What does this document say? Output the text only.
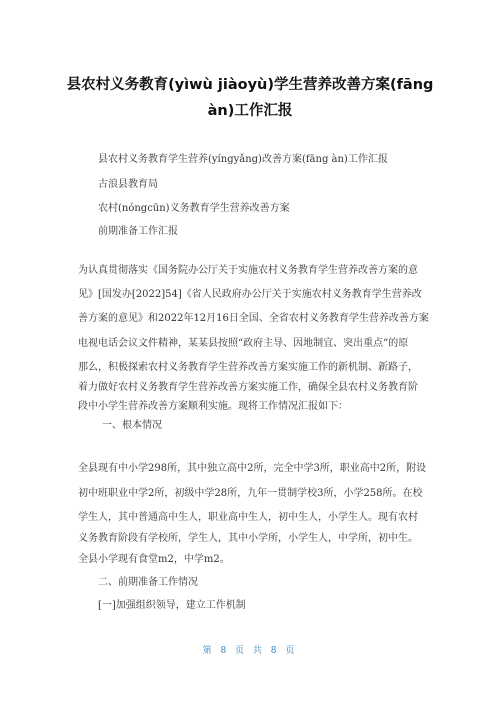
县农村义务教育(yìwù jiàoyù)学生营养改善方案(fāng àn)工作汇报
县农村义务教育学生营养(yíngyǎng)改善方案(fāng àn)工作汇报
古浪县教育局
农村(nóngcūn)义务教育学生营养改善方案
前期准备工作汇报
为认真贯彻落实《国务院办公厅关于实施农村义务教育学生营养改善方案的意
见》[国发办[2022]54]《省人民政府办公厅关于实施农村义务教育学生营养改
善方案的意见》和2022年12月16日全国、全省农村义务教育学生营养改善方案
电视电话会议文件精神，某某县按照“政府主导、因地制宜、突出重点”的原
那么，积极探索农村义务教育学生营养改善方案实施工作的新机制、新路子，
着力做好农村义务教育学生营养改善方案实施工作，确保全县农村义务教育阶
段中小学生营养改善方案顺利实施。现将工作情况汇报如下：
一、根本情况
全县现有中小学298所，其中独立高中2所，完全中学3所，职业高中2所，附设
初中班职业中学2所，初级中学28所，九年一贯制学校3所，小学258所。在校
学生人，其中普通高中生人，职业高中生人，初中生人，小学生人。现有农村
义务教育阶段有学校所，学生人，其中小学所，小学生人，中学所，初中生。
全县小学现有食堂m2，中学m2。
二、前期准备工作情况
[一]加强组织领导，建立工作机制
第 8 页 共 8 页
